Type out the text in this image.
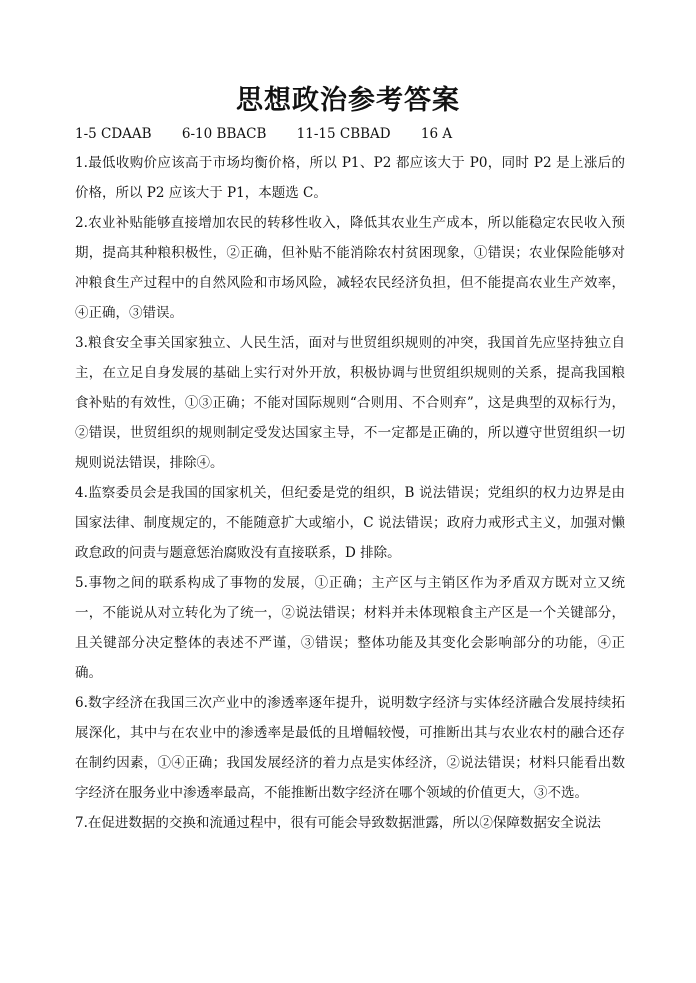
思想政治参考答案
1-5 CDAAB 6-10 BBACB 11-15 CBBAD 16 A

1.最低收购价应该高于市场均衡价格，所以 P1、P2 都应该大于 P0，同时 P2 是上涨后的价格，所以 P2 应该大于 P1，本题选 C。

2.农业补贴能够直接增加农民的转移性收入，降低其农业生产成本，所以能稳定农民收入预期，提高其种粮积极性，②正确，但补贴不能消除农村贫困现象，①错误；农业保险能够对冲粮食生产过程中的自然风险和市场风险，减轻农民经济负担，但不能提高农业生产效率，④正确，③错误。

3.粮食安全事关国家独立、人民生活，面对与世贸组织规则的冲突，我国首先应坚持独立自主，在立足自身发展的基础上实行对外开放，积极协调与世贸组织规则的关系，提高我国粮食补贴的有效性，①③正确；不能对国际规则“合则用、不合则弃”，这是典型的双标行为，②错误，世贸组织的规则制定受发达国家主导，不一定都是正确的，所以遵守世贸组织一切规则说法错误，排除④。

4.监察委员会是我国的国家机关，但纪委是党的组织，B 说法错误；党组织的权力边界是由国家法律、制度规定的，不能随意扩大或缩小，C 说法错误；政府力戒形式主义，加强对懒政怠政的问责与题意惩治腐败没有直接联系，D 排除。

5.事物之间的联系构成了事物的发展，①正确；主产区与主销区作为矛盾双方既对立又统一，不能说从对立转化为了统一，②说法错误；材料并未体现粮食主产区是一个关键部分，且关键部分决定整体的表述不严谨，③错误；整体功能及其变化会影响部分的功能，④正确。

6.数字经济在我国三次产业中的渗透率逐年提升，说明数字经济与实体经济融合发展持续拓展深化，其中与在农业中的渗透率是最低的且增幅较慢，可推断出其与农业农村的融合还存在制约因素，①④正确；我国发展经济的着力点是实体经济，②说法错误；材料只能看出数字经济在服务业中渗透率最高，不能推断出数字经济在哪个领域的价值更大，③不选。

7.在促进数据的交换和流通过程中，很有可能会导致数据泄露，所以②保障数据安全说法
